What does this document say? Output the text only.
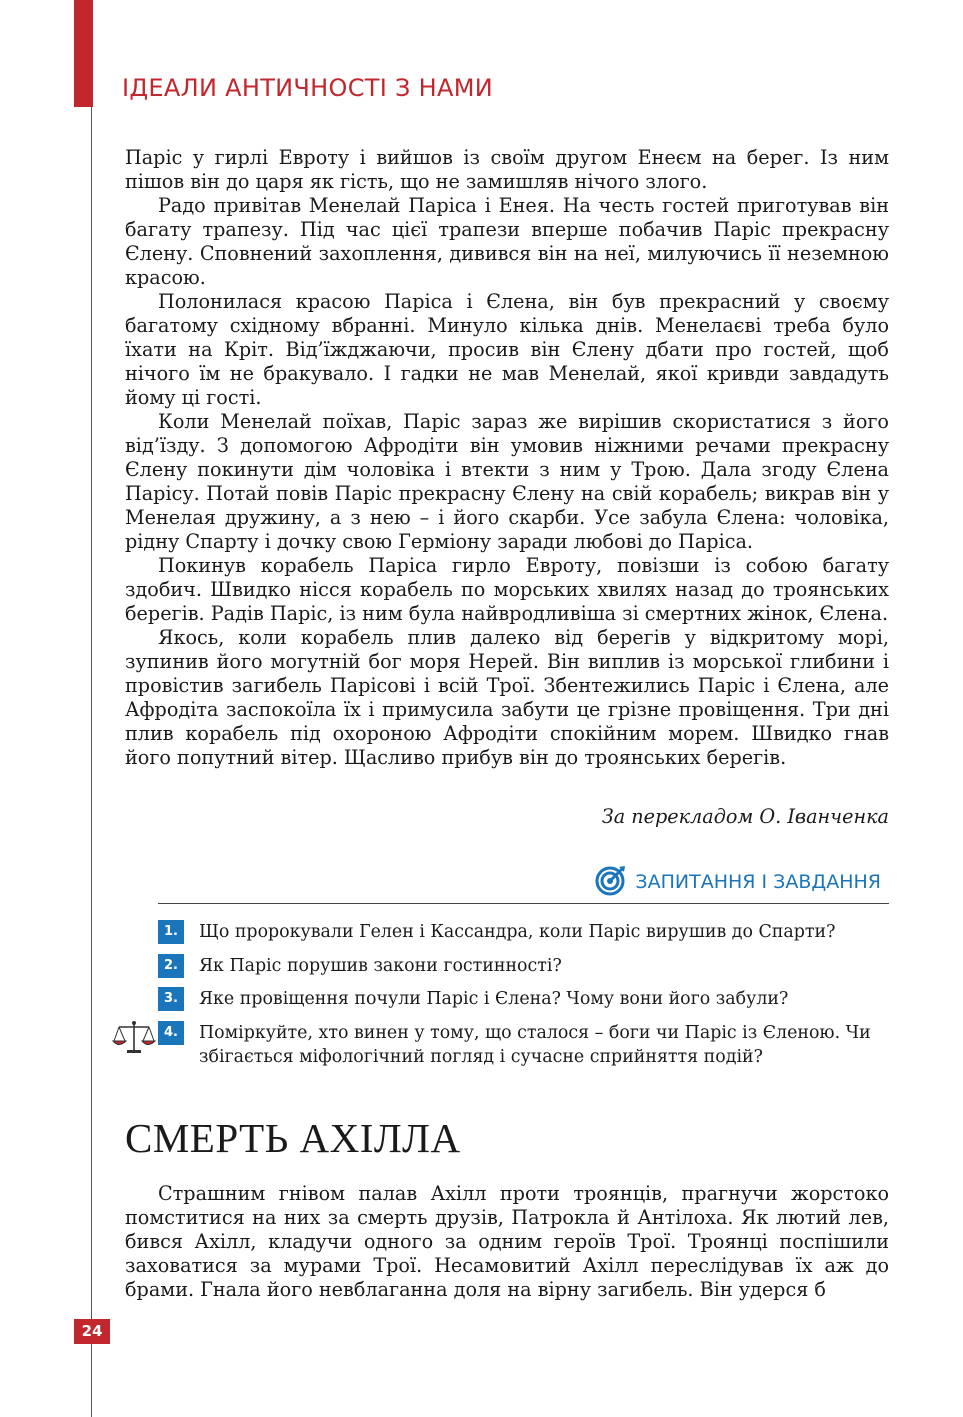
ІДЕАЛИ АНТИЧНОСТІ З НАМИ

Паріс у гирлі Евроту і вийшов із своїм другом Енеєм на берег. Із ним пішов він до царя як гість, що не замишляв нічого злого.

Радо привітав Менелай Паріса і Енея. На честь гостей приготував він багату трапезу. Під час цієї трапези вперше побачив Паріс прекрасну Єлену. Сповнений захоплення, дивився він на неї, милуючись її неземною красою.

Полонилася красою Паріса і Єлена, він був прекрасний у своєму багатому східному вбранні. Минуло кілька днів. Менелаєві треба було їхати на Кріт. Від’їжджаючи, просив він Єлену дбати про гостей, щоб нічого їм не бракувало. І гадки не мав Менелай, якої кривди завдадуть йому ці гості.

Коли Менелай поїхав, Паріс зараз же вирішив скористатися з його від’їзду. З допомогою Афродіти він умовив ніжними речами прекрасну Єлену покинути дім чоловіка і втекти з ним у Трою. Дала згоду Єлена Парісу. Потай повів Паріс прекрасну Єлену на свій корабель; викрав він у Менелая дружину, а з нею – і його скарби. Усе забула Єлена: чоловіка, рідну Спарту і дочку свою Герміону заради любові до Паріса.

Покинув корабель Паріса гирло Евроту, повізши із собою багату здобич. Швидко нісся корабель по морських хвилях назад до троянських берегів. Радів Паріс, із ним була найвродливіша зі смертних жінок, Єлена.

Якось, коли корабель плив далеко від берегів у відкритому морі, зупинив його могутній бог моря Нерей. Він виплив із морської глибини і провістив загибель Парісові і всій Трої. Збентежились Паріс і Єлена, але Афродіта заспокоїла їх і примусила забути це грізне провіщення. Три дні плив корабель під охороною Афродіти спокійним морем. Швидко гнав його попутний вітер. Щасливо прибув він до троянських берегів.

За перекладом О. Іванченка
ЗАПИТАННЯ І ЗАВДАННЯ
1.	Що пророкували Гелен і Кассандра, коли Паріс вирушив до Спарти?
2.	Як Паріс порушив закони гостинності?
3.	Яке провіщення почули Паріс і Єлена? Чому вони його забули?
4.	Поміркуйте, хто винен у тому, що сталося – боги чи Паріс із Єленою. Чи збігається міфологічний погляд і сучасне сприйняття подій?
СМЕРТЬ АХІЛЛА

Страшним гнівом палав Ахілл проти троянців, прагнучи жорстоко помститися на них за смерть друзів, Патрокла й Антілоха. Як лютий лев, бився Ахілл, кладучи одного за одним героїв Трої. Троянці поспішили заховатися за мурами Трої. Несамовитий Ахілл переслідував їх аж до брами. Гнала його невблаганна доля на вірну загибель. Він удерся б

24
